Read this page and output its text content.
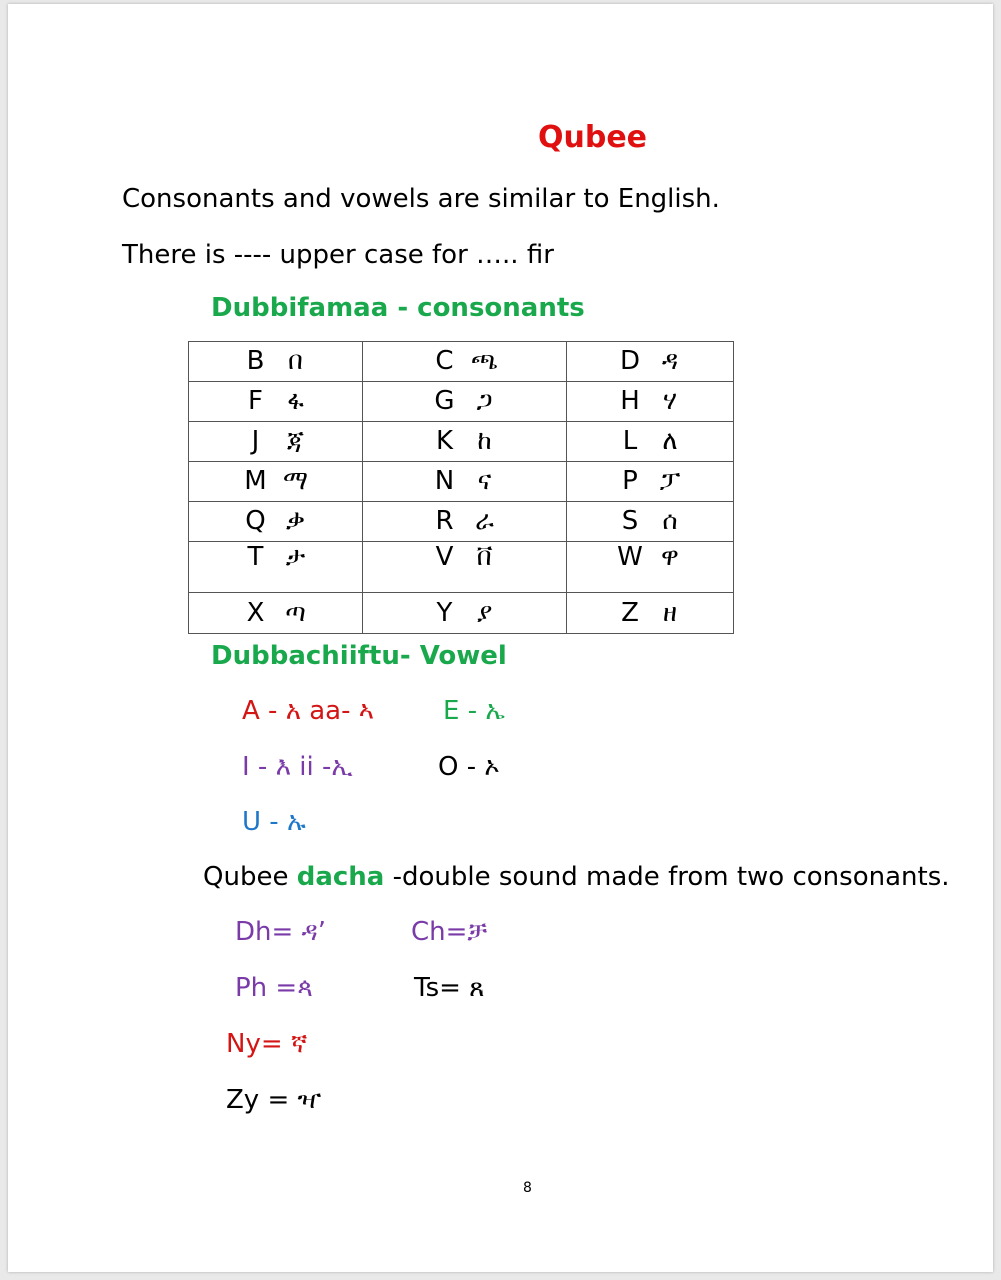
Qubee
Consonants and vowels are similar to English.
There is ---- upper case for ….. fir
Dubbifamaa - consonants
B በ	C ጫ	D ዳ
F ፋ	G ጋ	H ሃ
J ጃ	K ከ	L ለ
M ማ	N ና	P ፓ
Q ቃ	R ራ	S ሰ
T ታ	V ቨ	W ዋ
X ጣ	Y ያ	Z ዘ
Dubbachiiftu- Vowel
A - አ aa- ኣ	E - ኤ
I - እ ii -ኢ	O - ኦ
U - ኡ
Qubee dacha -double sound made from two consonants.
Dh= ዳ’	Ch=ቻ
Ph =ጳ	Ts= ጸ
Ny= ኛ
Zy = ዣ
8
